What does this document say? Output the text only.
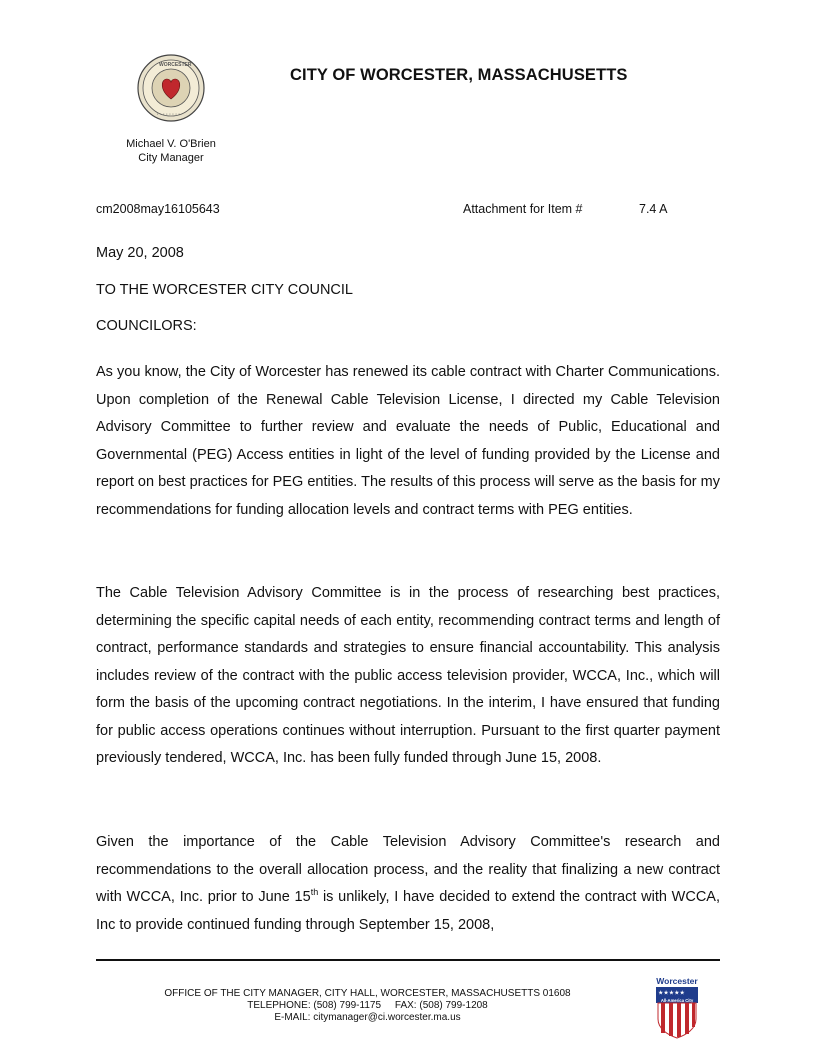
WORCESTER
· · · · · · · ·
CITY OF WORCESTER, MASSACHUSETTS
Michael V. O'Brien
City Manager
cm2008may16105643	Attachment for Item #	7.4 A
May 20, 2008
TO THE WORCESTER CITY COUNCIL
COUNCILORS:
As you know, the City of Worcester has renewed its cable contract with Charter Communications. Upon completion of the Renewal Cable Television License, I directed my Cable Television Advisory Committee to further review and evaluate the needs of Public, Educational and Governmental (PEG) Access entities in light of the level of funding provided by the License and report on best practices for PEG entities. The results of this process will serve as the basis for my recommendations for funding allocation levels and contract terms with PEG entities.
The Cable Television Advisory Committee is in the process of researching best practices, determining the specific capital needs of each entity, recommending contract terms and length of contract, performance standards and strategies to ensure financial accountability. This analysis includes review of the contract with the public access television provider, WCCA, Inc., which will form the basis of the upcoming contract negotiations. In the interim, I have ensured that funding for public access operations continues without interruption. Pursuant to the first quarter payment previously tendered, WCCA, Inc. has been fully funded through June 15, 2008.
Given the importance of the Cable Television Advisory Committee's research and recommendations to the overall allocation process, and the reality that finalizing a new contract with WCCA, Inc. prior to June 15th is unlikely, I have decided to extend the contract with WCCA, Inc to provide continued funding through September 15, 2008,
OFFICE OF THE CITY MANAGER, CITY HALL, WORCESTER, MASSACHUSETTS 01608
TELEPHONE: (508) 799-1175     FAX: (508) 799-1208
E-MAIL: citymanager@ci.worcester.ma.us
Worcester
★★★★★
All-America City
